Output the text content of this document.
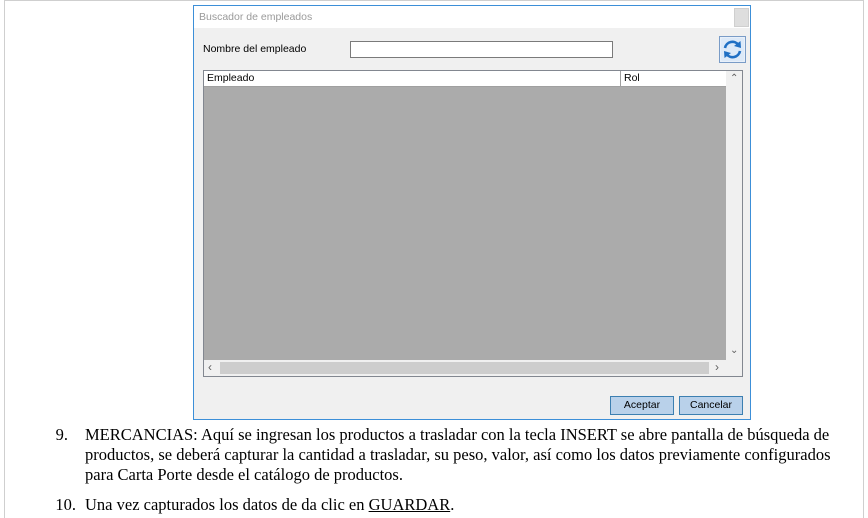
Buscador de empleados
Nombre del empleado
Empleado	Rol	⌃
⌄
‹	›
Aceptar	Cancelar
9. MERCANCIAS: Aquí se ingresan los productos a trasladar con la tecla INSERT se abre pantalla de búsqueda de productos, se deberá capturar la cantidad a trasladar, su peso, valor, así como los datos previamente configurados para Carta Porte desde el catálogo de productos.
10. Una vez capturados los datos de da clic en GUARDAR.
